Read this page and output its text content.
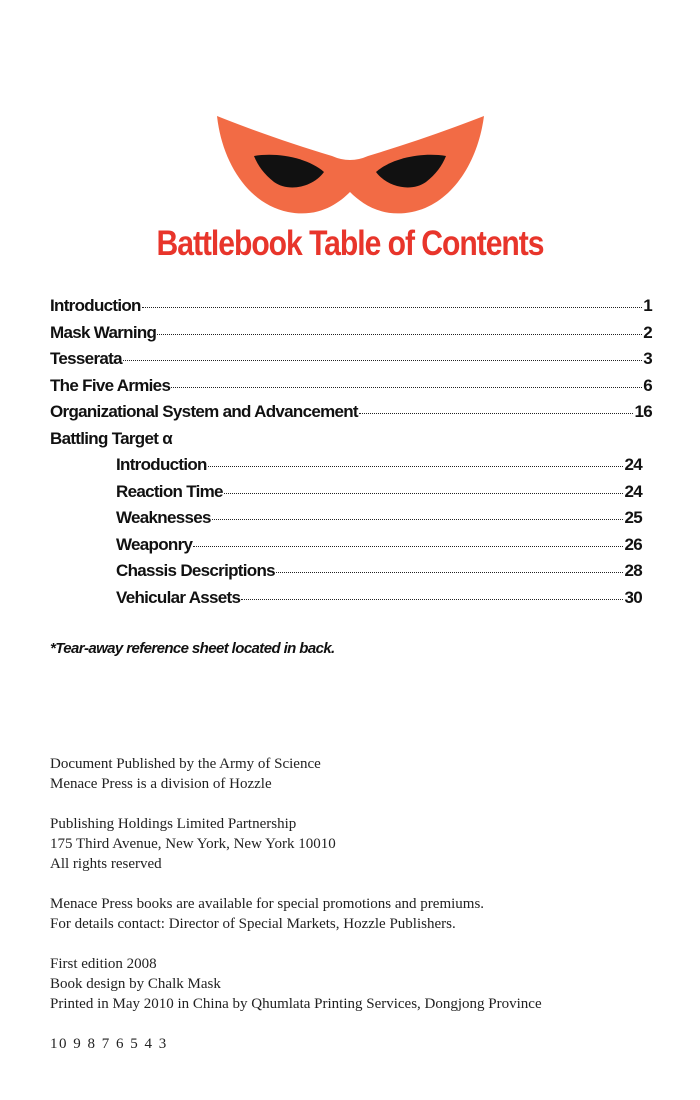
Battlebook Table of Contents
Introduction	1
Mask Warning	2
Tesserata	3
The Five Armies	6
Organizational System and Advancement	16
Battling Target α
Introduction	24
Reaction Time	24
Weaknesses	25
Weaponry	26
Chassis Descriptions	28
Vehicular Assets	30
*Tear-away reference sheet located in back.
Document Published by the Army of Science
Menace Press is a division of Hozzle
Publishing Holdings Limited Partnership
175 Third Avenue, New York, New York 10010
All rights reserved
Menace Press books are available for special promotions and premiums.
For details contact: Director of Special Markets, Hozzle Publishers.
First edition 2008
Book design by Chalk Mask
Printed in May 2010 in China by Qhumlata Printing Services, Dongjong Province
10 9 8 7 6 5 4 3
